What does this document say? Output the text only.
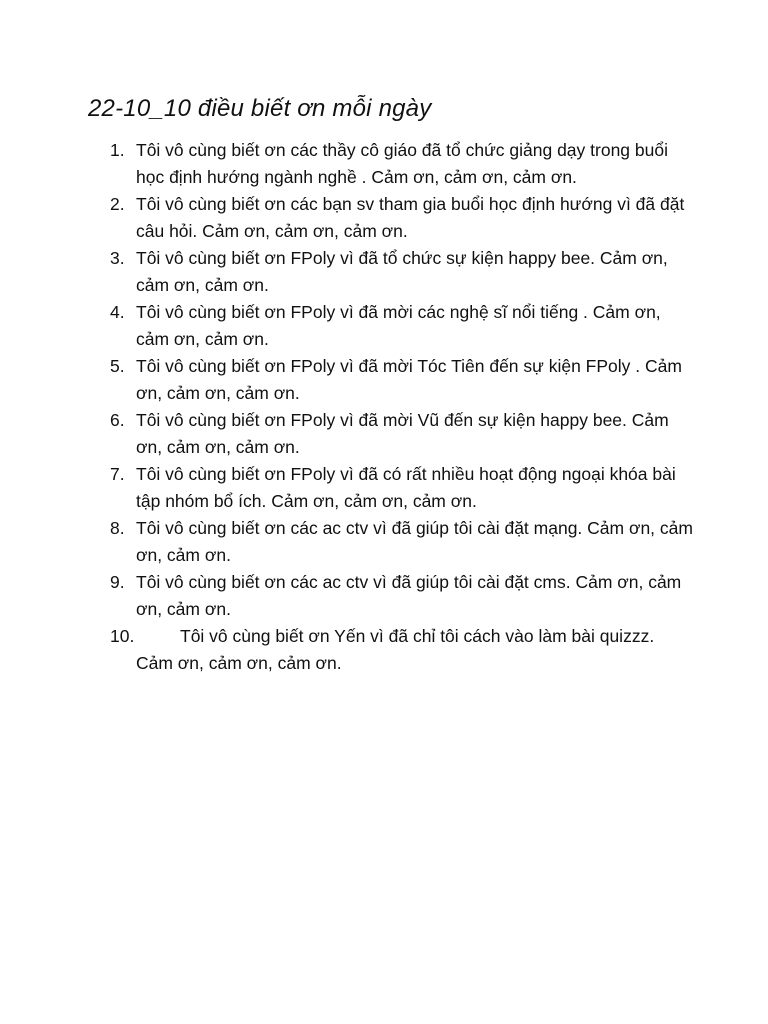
22-10_10 điều biết ơn mỗi ngày
1. Tôi vô cùng biết ơn các thầy cô giáo đã tổ chức giảng dạy trong buổi học định hướng ngành nghề . Cảm ơn, cảm ơn, cảm ơn.
2. Tôi vô cùng biết ơn các bạn sv tham gia buổi học định hướng vì đã đặt câu hỏi. Cảm ơn, cảm ơn, cảm ơn.
3. Tôi vô cùng biết ơn FPoly vì đã tổ chức sự kiện happy bee. Cảm ơn, cảm ơn, cảm ơn.
4. Tôi vô cùng biết ơn FPoly vì đã mời các nghệ sĩ nổi tiếng . Cảm ơn, cảm ơn, cảm ơn.
5. Tôi vô cùng biết ơn FPoly vì đã mời Tóc Tiên đến sự kiện FPoly . Cảm ơn, cảm ơn, cảm ơn.
6. Tôi vô cùng biết ơn FPoly vì đã mời Vũ đến sự kiện happy bee. Cảm ơn, cảm ơn, cảm ơn.
7. Tôi vô cùng biết ơn FPoly vì đã có rất nhiều hoạt động ngoại khóa bài tập nhóm bổ ích. Cảm ơn, cảm ơn, cảm ơn.
8. Tôi vô cùng biết ơn các ac ctv vì đã giúp tôi cài đặt mạng. Cảm ơn, cảm ơn, cảm ơn.
9. Tôi vô cùng biết ơn các ac ctv vì đã giúp tôi cài đặt cms. Cảm ơn, cảm ơn, cảm ơn.
10.	Tôi vô cùng biết ơn Yến vì đã chỉ tôi cách vào làm bài quizzz. Cảm ơn, cảm ơn, cảm ơn.
